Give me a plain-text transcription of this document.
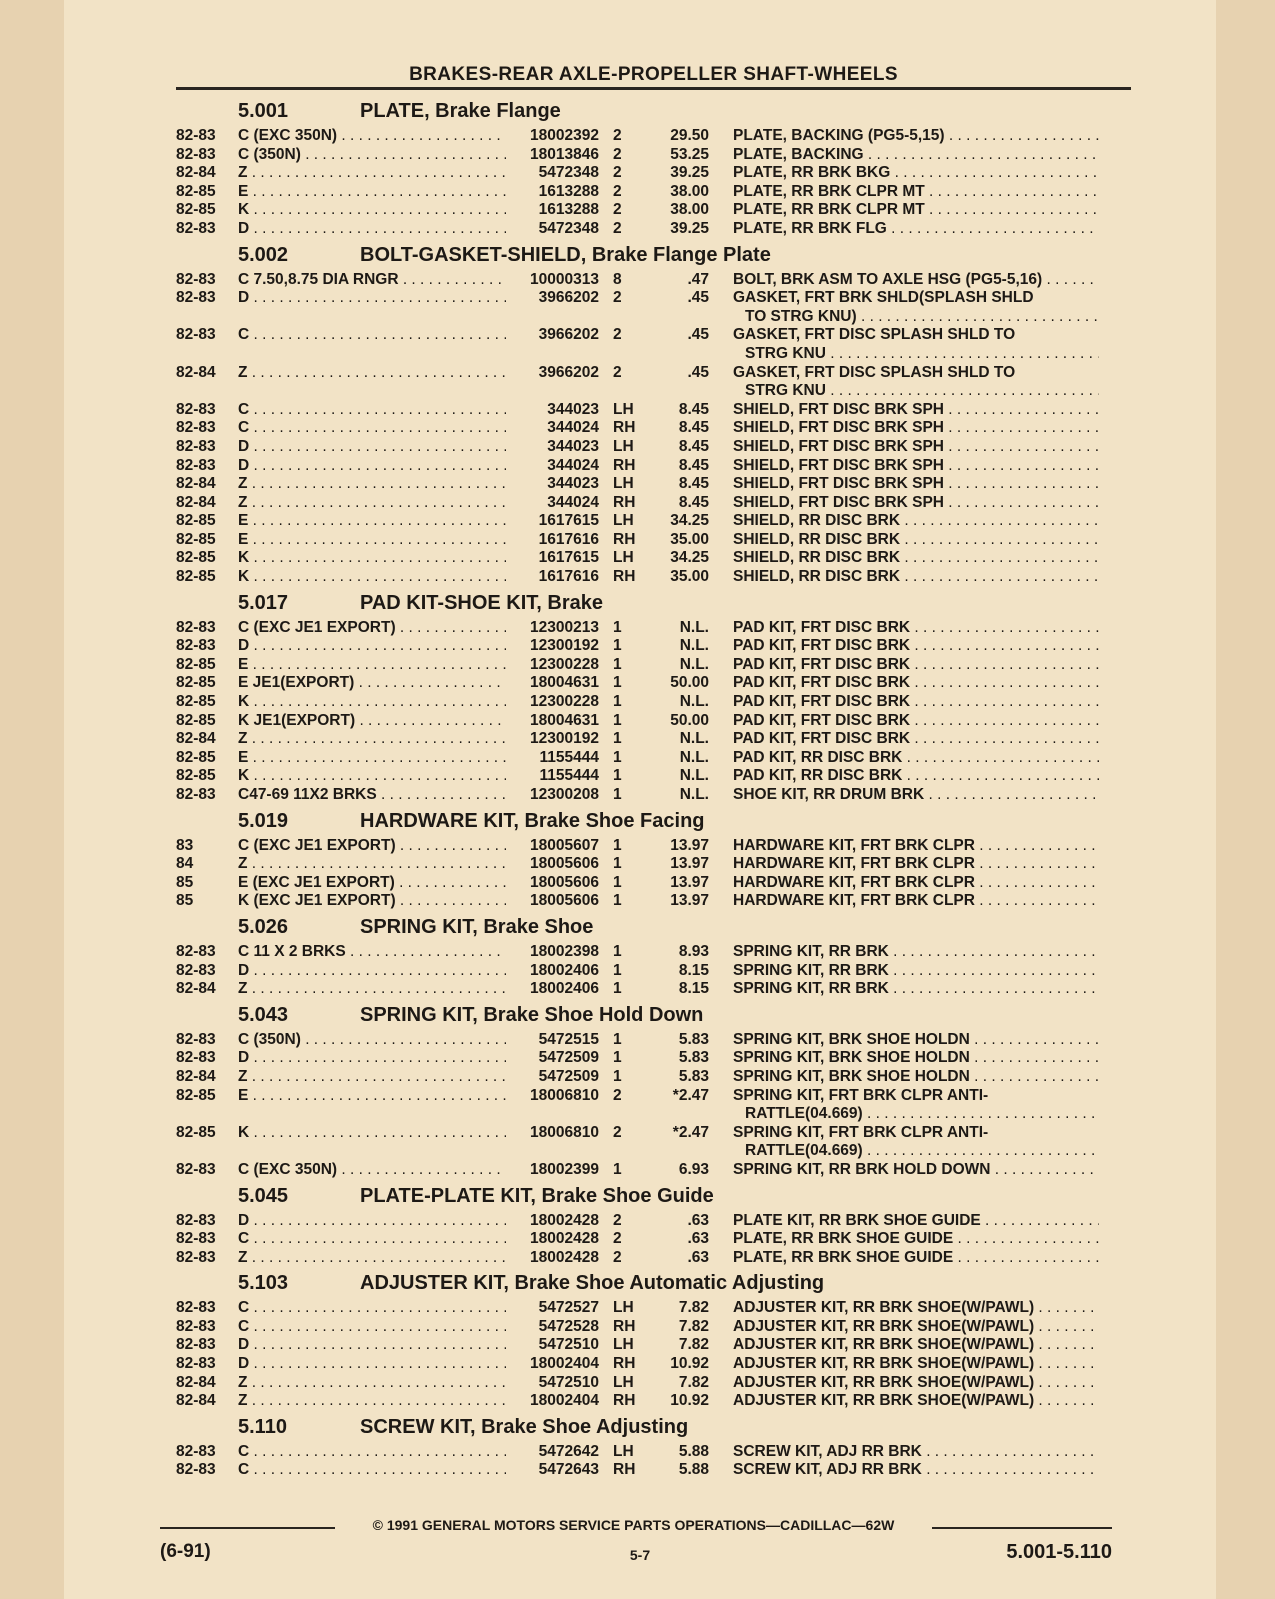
BRAKES-REAR AXLE-PROPELLER SHAFT-WHEELS
5.001	PLATE, Brake Flange
82-83	C (EXC 350N) . . .	18002392 2	29.50 PLATE, BACKING (PG5-5,15) . . .
82-83	C (350N) . . .	18013846 2	53.25 PLATE, BACKING . . .
82-84	Z . . .	5472348 2	39.25 PLATE, RR BRK BKG . . .
82-85	E . . .	1613288 2	38.00 PLATE, RR BRK CLPR MT . . .
82-85	K . . .	1613288 2	38.00 PLATE, RR BRK CLPR MT . . .
82-83	D . . .	5472348 2	39.25 PLATE, RR BRK FLG . . .
5.002	BOLT-GASKET-SHIELD, Brake Flange Plate
82-83	C 7.50,8.75 DIA RNGR . . .	10000313 8	.47 BOLT, BRK ASM TO AXLE HSG (PG5-5,16) . . .
82-83	D . . .	3966202 2	.45 GASKET, FRT BRK SHLD(SPLASH SHLD
TO STRG KNU) . . .
82-83	C . . .	3966202 2	.45 GASKET, FRT DISC SPLASH SHLD TO
STRG KNU . . .
82-84	Z . . .	3966202 2	.45 GASKET, FRT DISC SPLASH SHLD TO
STRG KNU . . .
82-83	C . . .	344023 LH	8.45 SHIELD, FRT DISC BRK SPH . . .
82-83	C . . .	344024 RH	8.45 SHIELD, FRT DISC BRK SPH . . .
82-83	D . . .	344023 LH	8.45 SHIELD, FRT DISC BRK SPH . . .
82-83	D . . .	344024 RH	8.45 SHIELD, FRT DISC BRK SPH . . .
82-84	Z . . .	344023 LH	8.45 SHIELD, FRT DISC BRK SPH . . .
82-84	Z . . .	344024 RH	8.45 SHIELD, FRT DISC BRK SPH . . .
82-85	E . . .	1617615 LH	34.25 SHIELD, RR DISC BRK . . .
82-85	E . . .	1617616 RH	35.00 SHIELD, RR DISC BRK . . .
82-85	K . . .	1617615 LH	34.25 SHIELD, RR DISC BRK . . .
82-85	K . . .	1617616 RH	35.00 SHIELD, RR DISC BRK . . .
5.017	PAD KIT-SHOE KIT, Brake
82-83	C (EXC JE1 EXPORT) . . .	12300213 1	N.L. PAD KIT, FRT DISC BRK . . .
82-83	D . . .	12300192 1	N.L. PAD KIT, FRT DISC BRK . . .
82-85	E . . .	12300228 1	N.L. PAD KIT, FRT DISC BRK . . .
82-85	E JE1(EXPORT) . . .	18004631 1	50.00 PAD KIT, FRT DISC BRK . . .
82-85	K . . .	12300228 1	N.L. PAD KIT, FRT DISC BRK . . .
82-85	K JE1(EXPORT) . . .	18004631 1	50.00 PAD KIT, FRT DISC BRK . . .
82-84	Z . . .	12300192 1	N.L. PAD KIT, FRT DISC BRK . . .
82-85	E . . .	1155444 1	N.L. PAD KIT, RR DISC BRK . . .
82-85	K . . .	1155444 1	N.L. PAD KIT, RR DISC BRK . . .
82-83	C47-69 11X2 BRKS . . .	12300208 1	N.L. SHOE KIT, RR DRUM BRK . . .
5.019	HARDWARE KIT, Brake Shoe Facing
83	C (EXC JE1 EXPORT) . . .	18005607 1	13.97 HARDWARE KIT, FRT BRK CLPR . . .
84	Z . . .	18005606 1	13.97 HARDWARE KIT, FRT BRK CLPR . . .
85	E (EXC JE1 EXPORT) . . .	18005606 1	13.97 HARDWARE KIT, FRT BRK CLPR . . .
85	K (EXC JE1 EXPORT) . . .	18005606 1	13.97 HARDWARE KIT, FRT BRK CLPR . . .
5.026	SPRING KIT, Brake Shoe
82-83	C 11 X 2 BRKS . . .	18002398 1	8.93 SPRING KIT, RR BRK . . .
82-83	D . . .	18002406 1	8.15 SPRING KIT, RR BRK . . .
82-84	Z . . .	18002406 1	8.15 SPRING KIT, RR BRK . . .
5.043	SPRING KIT, Brake Shoe Hold Down
82-83	C (350N) . . .	5472515 1	5.83 SPRING KIT, BRK SHOE HOLDN . . .
82-83	D . . .	5472509 1	5.83 SPRING KIT, BRK SHOE HOLDN . . .
82-84	Z . . .	5472509 1	5.83 SPRING KIT, BRK SHOE HOLDN . . .
82-85	E . . .	18006810 2	*2.47 SPRING KIT, FRT BRK CLPR ANTI-
RATTLE(04.669) . . .
82-85	K . . .	18006810 2	*2.47 SPRING KIT, FRT BRK CLPR ANTI-
RATTLE(04.669) . . .
82-83	C (EXC 350N) . . .	18002399 1	6.93 SPRING KIT, RR BRK HOLD DOWN . . .
5.045	PLATE-PLATE KIT, Brake Shoe Guide
82-83	D . . .	18002428 2	.63 PLATE KIT, RR BRK SHOE GUIDE . . .
82-83	C . . .	18002428 2	.63 PLATE, RR BRK SHOE GUIDE . . .
82-83	Z . . .	18002428 2	.63 PLATE, RR BRK SHOE GUIDE . . .
5.103	ADJUSTER KIT, Brake Shoe Automatic Adjusting
82-83	C . . .	5472527 LH	7.82 ADJUSTER KIT, RR BRK SHOE(W/PAWL) . . .
82-83	C . . .	5472528 RH	7.82 ADJUSTER KIT, RR BRK SHOE(W/PAWL) . . .
82-83	D . . .	5472510 LH	7.82 ADJUSTER KIT, RR BRK SHOE(W/PAWL) . . .
82-83	D . . .	18002404 RH	10.92 ADJUSTER KIT, RR BRK SHOE(W/PAWL) . . .
82-84	Z . . .	5472510 LH	7.82 ADJUSTER KIT, RR BRK SHOE(W/PAWL) . . .
82-84	Z . . .	18002404 RH	10.92 ADJUSTER KIT, RR BRK SHOE(W/PAWL) . . .
5.110	SCREW KIT, Brake Shoe Adjusting
82-83	C . . .	5472642 LH	5.88 SCREW KIT, ADJ RR BRK . . .
82-83	C . . .	5472643 RH	5.88 SCREW KIT, ADJ RR BRK . . .
© 1991 GENERAL MOTORS SERVICE PARTS OPERATIONS—CADILLAC—62W
(6-91)	5-7	5.001-5.110
